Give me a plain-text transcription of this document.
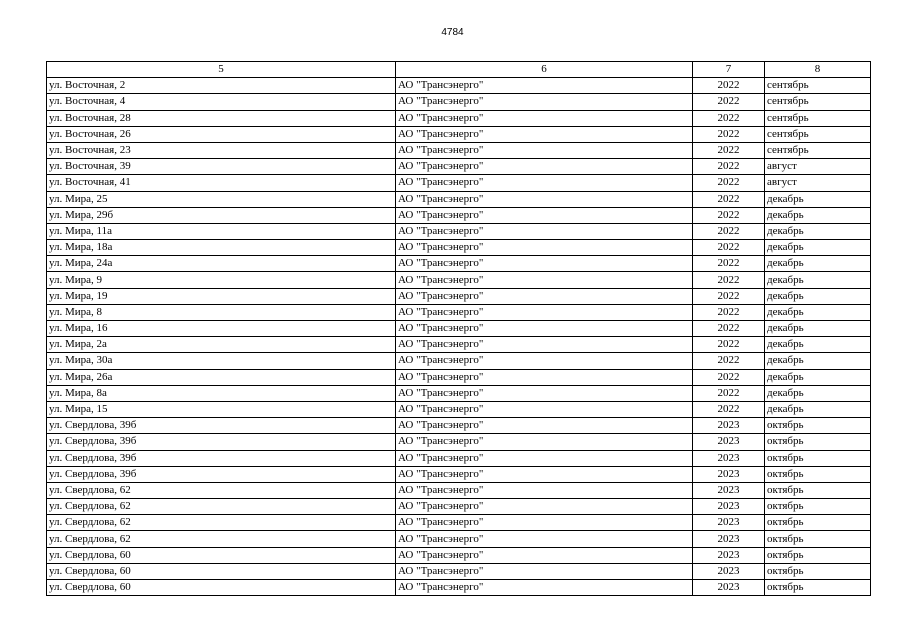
4784
5	6	7	8
ул. Восточная, 2	АО "Трансэнерго"	2022	сентябрь
ул. Восточная, 4	АО "Трансэнерго"	2022	сентябрь
ул. Восточная, 28	АО "Трансэнерго"	2022	сентябрь
ул. Восточная, 26	АО "Трансэнерго"	2022	сентябрь
ул. Восточная, 23	АО "Трансэнерго"	2022	сентябрь
ул. Восточная, 39	АО "Трансэнерго"	2022	август
ул. Восточная, 41	АО "Трансэнерго"	2022	август
ул. Мира, 25	АО "Трансэнерго"	2022	декабрь
ул. Мира, 29б	АО "Трансэнерго"	2022	декабрь
ул. Мира, 11а	АО "Трансэнерго"	2022	декабрь
ул. Мира, 18а	АО "Трансэнерго"	2022	декабрь
ул. Мира, 24а	АО "Трансэнерго"	2022	декабрь
ул. Мира, 9	АО "Трансэнерго"	2022	декабрь
ул. Мира, 19	АО "Трансэнерго"	2022	декабрь
ул. Мира, 8	АО "Трансэнерго"	2022	декабрь
ул. Мира, 16	АО "Трансэнерго"	2022	декабрь
ул. Мира, 2а	АО "Трансэнерго"	2022	декабрь
ул. Мира, 30а	АО "Трансэнерго"	2022	декабрь
ул. Мира, 26а	АО "Трансэнерго"	2022	декабрь
ул. Мира, 8а	АО "Трансэнерго"	2022	декабрь
ул. Мира, 15	АО "Трансэнерго"	2022	декабрь
ул. Свердлова, 39б	АО "Трансэнерго"	2023	октябрь
ул. Свердлова, 39б	АО "Трансэнерго"	2023	октябрь
ул. Свердлова, 39б	АО "Трансэнерго"	2023	октябрь
ул. Свердлова, 39б	АО "Трансэнерго"	2023	октябрь
ул. Свердлова, 62	АО "Трансэнерго"	2023	октябрь
ул. Свердлова, 62	АО "Трансэнерго"	2023	октябрь
ул. Свердлова, 62	АО "Трансэнерго"	2023	октябрь
ул. Свердлова, 62	АО "Трансэнерго"	2023	октябрь
ул. Свердлова, 60	АО "Трансэнерго"	2023	октябрь
ул. Свердлова, 60	АО "Трансэнерго"	2023	октябрь
ул. Свердлова, 60	АО "Трансэнерго"	2023	октябрь
